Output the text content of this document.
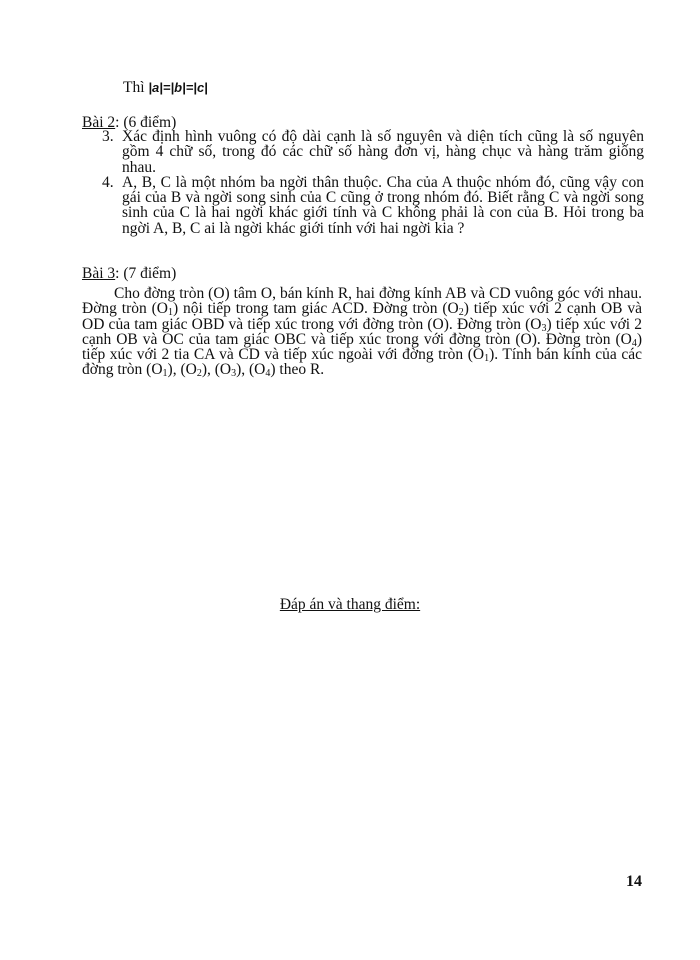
Thì |a|=|b|=|c|
Bài 2: (6 điểm)

3. Xác định hình vuông có độ dài cạnh là số nguyên và diện tích cũng là số nguyên gồm 4 chữ số, trong đó các chữ số hàng đơn vị, hàng chục và hàng trăm giống nhau.

4. A, B, C là một nhóm ba ngời thân thuộc. Cha của A thuộc nhóm đó, cũng vậy con gái của B và ngời song sinh của C cũng ở trong nhóm đó. Biết rằng C và ngời song sinh của C là hai ngời khác giới tính và C không phải là con của B. Hỏi trong ba ngời A, B, C ai là ngời khác giới tính với hai ngời kia ?

Bài 3: (7 điểm)
Cho đờng tròn (O) tâm O, bán kính R, hai đờng kính AB và CD vuông góc với nhau. Đờng tròn $(O_1)$ nội tiếp trong tam giác ACD. Đờng tròn $(O_2)$ tiếp xúc với 2 cạnh OB và OD của tam giác OBD và tiếp xúc trong với đờng tròn (O). Đờng tròn $(O_3)$ tiếp xúc với 2 cạnh OB và OC của tam giác OBC và tiếp xúc trong với đờng tròn (O). Đờng tròn $(O_4)$ tiếp xúc với 2 tia CA và CD và tiếp xúc ngoài với đờng tròn $(O_1)$. Tính bán kính của các đờng tròn $(O_1)$, $(O_2)$, $(O_3)$, $(O_4)$ theo R.
Đáp án và thang điểm:
14
